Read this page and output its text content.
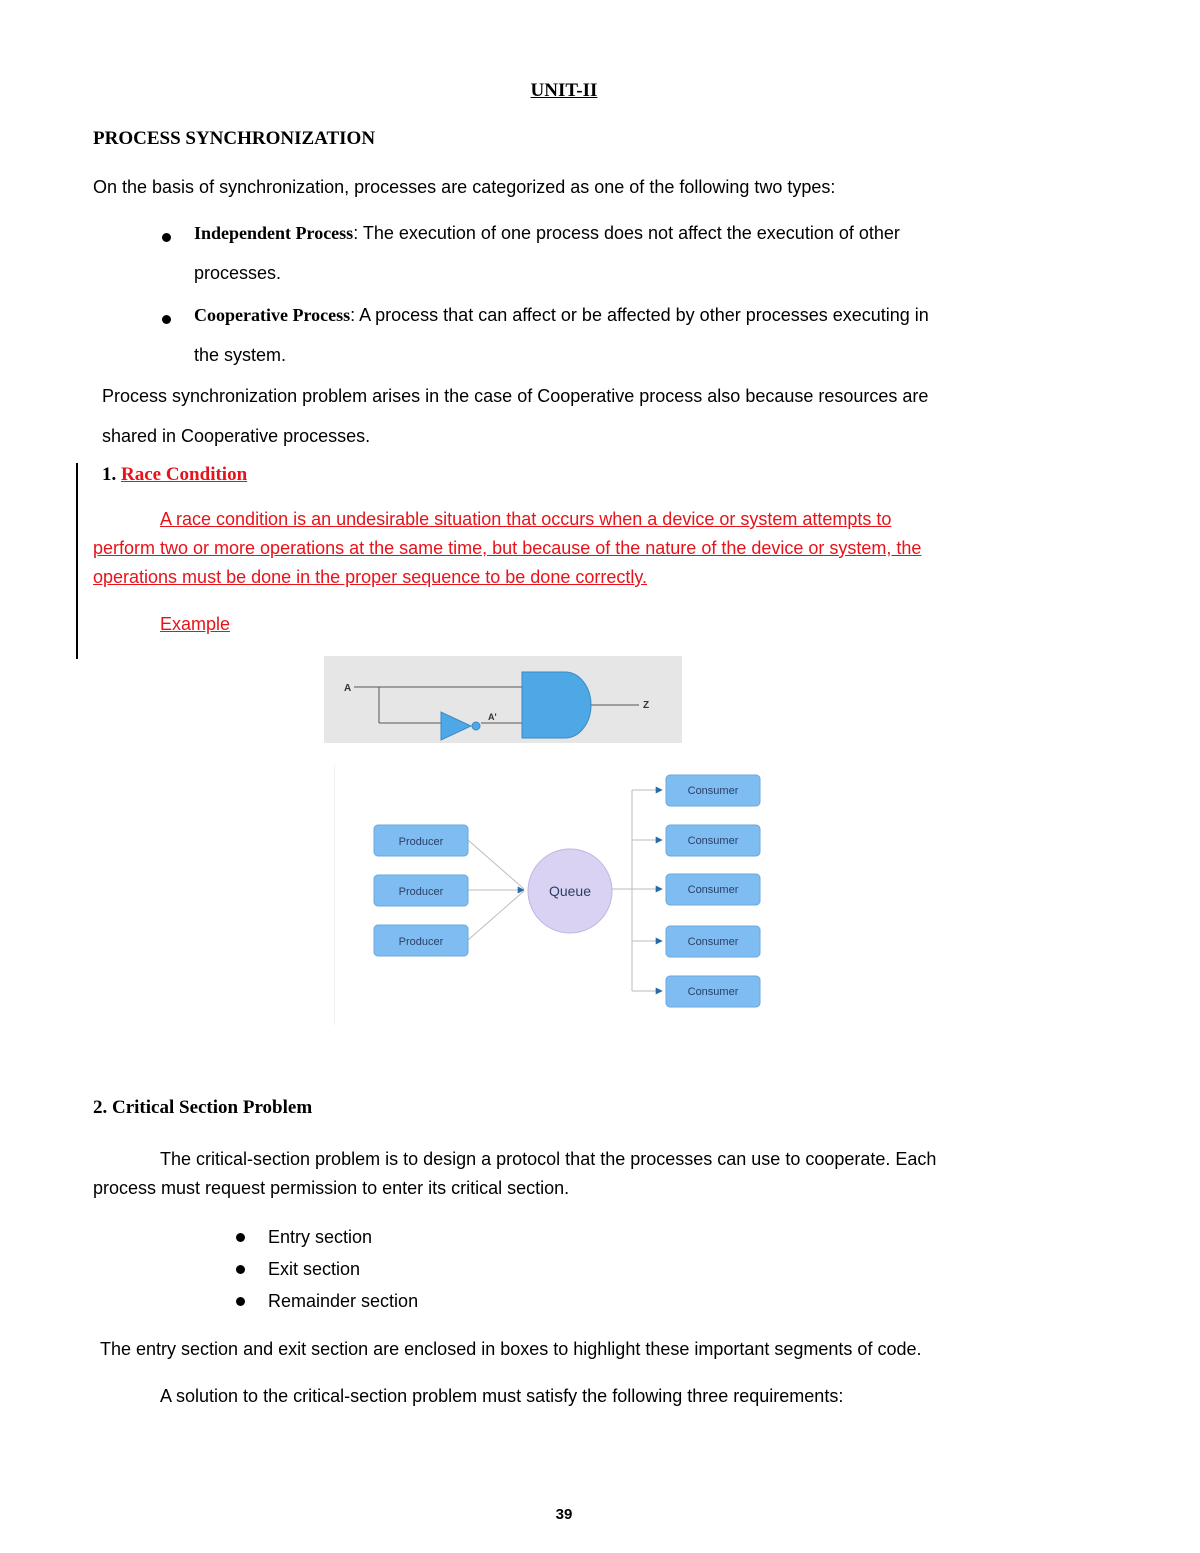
UNIT-II
PROCESS SYNCHRONIZATION
On the basis of synchronization, processes are categorized as one of the following two types:
Independent Process: The execution of one process does not affect the execution of other
processes.
Cooperative Process: A process that can affect or be affected by other processes executing in
the system.
Process synchronization problem arises in the case of Cooperative process also because resources are
shared in Cooperative processes.
1. Race Condition
A race condition is an undesirable situation that occurs when a device or system attempts to
perform two or more operations at the same time, but because of the nature of the device or system, the
operations must be done in the proper sequence to be done correctly.
Example
A
A'
Z
Producer
Producer
Producer
Queue
Consumer
Consumer
Consumer
Consumer
Consumer
2. Critical Section Problem
The critical-section problem is to design a protocol that the processes can use to cooperate. Each
process must request permission to enter its critical section.
Entry section
Exit section
Remainder section
The entry section and exit section are enclosed in boxes to highlight these important segments of code.
A solution to the critical-section problem must satisfy the following three requirements:
39
